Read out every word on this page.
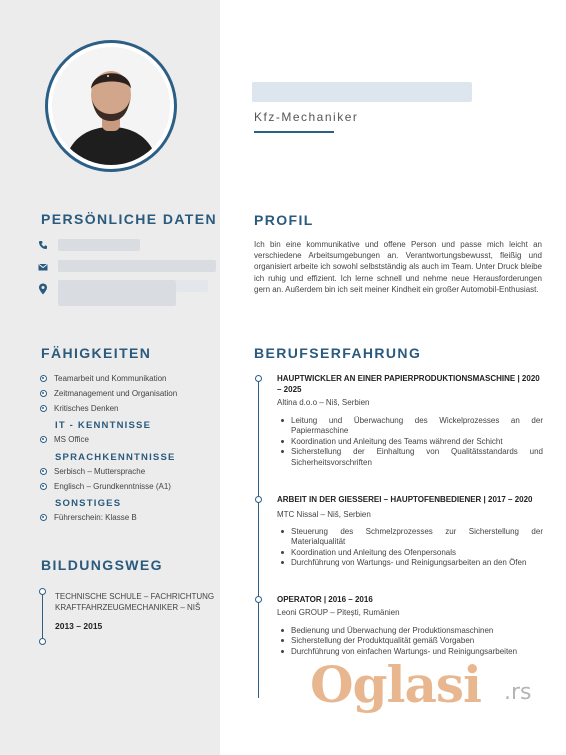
PERSÖNLICHE DATEN
FÄHIGKEITEN
Teamarbeit und Kommunikation
Zeitmanagement und Organisation
Kritisches Denken
IT - KENNTNISSE
MS Office
SPRACHKENNTNISSE
Serbisch – Muttersprache
Englisch – Grundkenntnisse (A1)
SONSTIGES
Führerschein: Klasse B
BILDUNGSWEG
TECHNISCHE SCHULE – FACHRICHTUNG KRAFTFAHRZEUGMECHANIKER – NIŠ
2013 – 2015
Kfz-Mechaniker
PROFIL
Ich bin eine kommunikative und offene Person und passe mich leicht an verschiedene Arbeitsumgebungen an. Verantwortungsbewusst, fleißig und organisiert arbeite ich sowohl selbstständig als auch im Team. Unter Druck bleibe ich ruhig und effizient. Ich lerne schnell und nehme neue Herausforderungen gern an. Außerdem bin ich seit meiner Kindheit ein großer Automobil-Enthusiast.
BERUFSERFAHRUNG
HAUPTWICKLER AN EINER PAPIERPRODUKTIONSMASCHINE | 2020 – 2025
Altina d.o.o – Niš, Serbien
Leitung und Überwachung des Wickelprozesses an der Papiermaschine
Koordination und Anleitung des Teams während der Schicht
Sicherstellung der Einhaltung von Qualitätsstandards und Sicherheitsvorschriften
ARBEIT IN DER GIESSEREI – HAUPTOFENBEDIENER | 2017 – 2020
MTC Nissal – Niš, Serbien
Steuerung des Schmelzprozesses zur Sicherstellung der Materialqualität
Koordination und Anleitung des Ofenpersonals
Durchführung von Wartungs- und Reinigungsarbeiten an den Öfen
OPERATOR | 2016 – 2016
Leoni GROUP – Pitești, Rumänien
Bedienung und Überwachung der Produktionsmaschinen
Sicherstellung der Produktqualität gemäß Vorgaben
Durchführung von einfachen Wartungs- und Reinigungsarbeiten
Oglasi .rs
